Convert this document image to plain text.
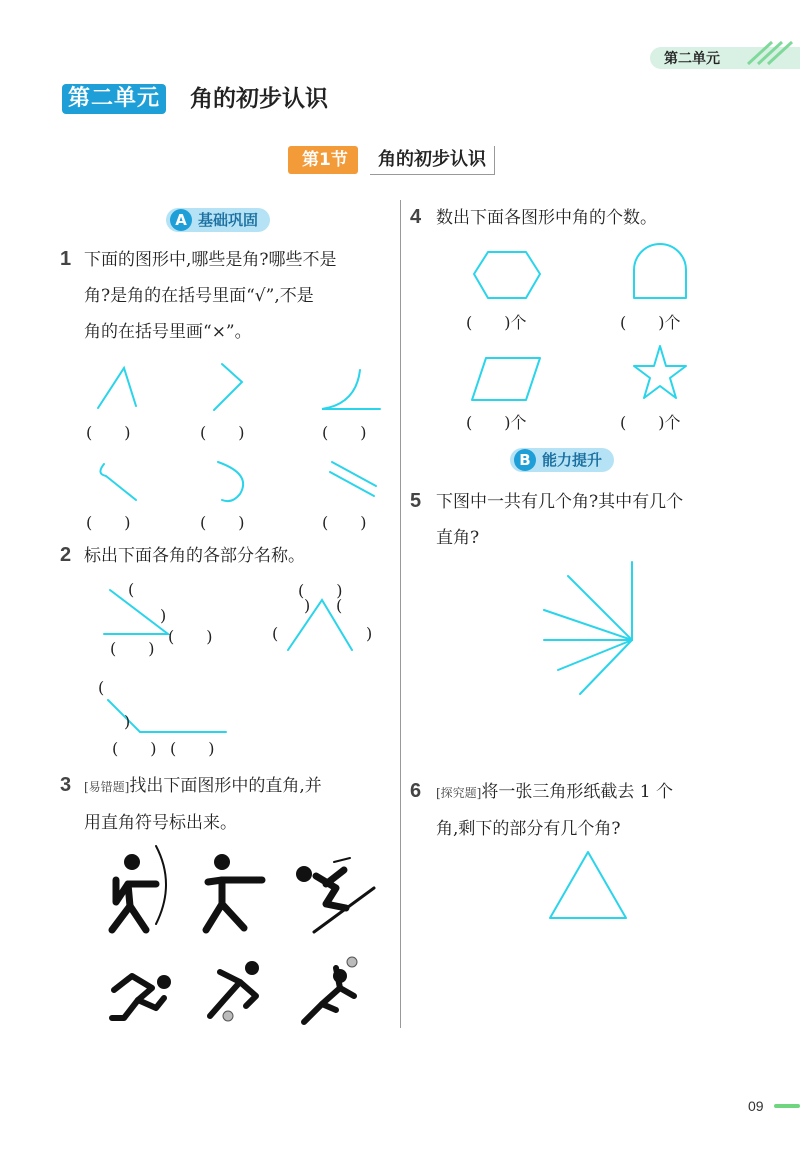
第二单元
第二单元 角的初步认识
第1节	角的初步认识
A 基础巩固
1 下面的图形中,哪些是角?哪些不是
角?是角的在括号里面“√”,不是
角的在括号里画“×”。
(　　)	(　　)	(　　)
(　　)	(　　)	(　　)
2 标出下面各角的各部分名称。
(
)
(　　)
(　　)
(　　)
) (
(	)
(
)
(　　) (　　)
3 [易错题]找出下面图形中的直角,并
用直角符号标出来。
4 数出下面各图形中角的个数。
(　　)个	(　　)个
(　　)个	(　　)个
B 能力提升
5 下图中一共有几个角?其中有几个
直角?
6 [探究题]将一张三角形纸截去 1 个
角,剩下的部分有几个角?
09
